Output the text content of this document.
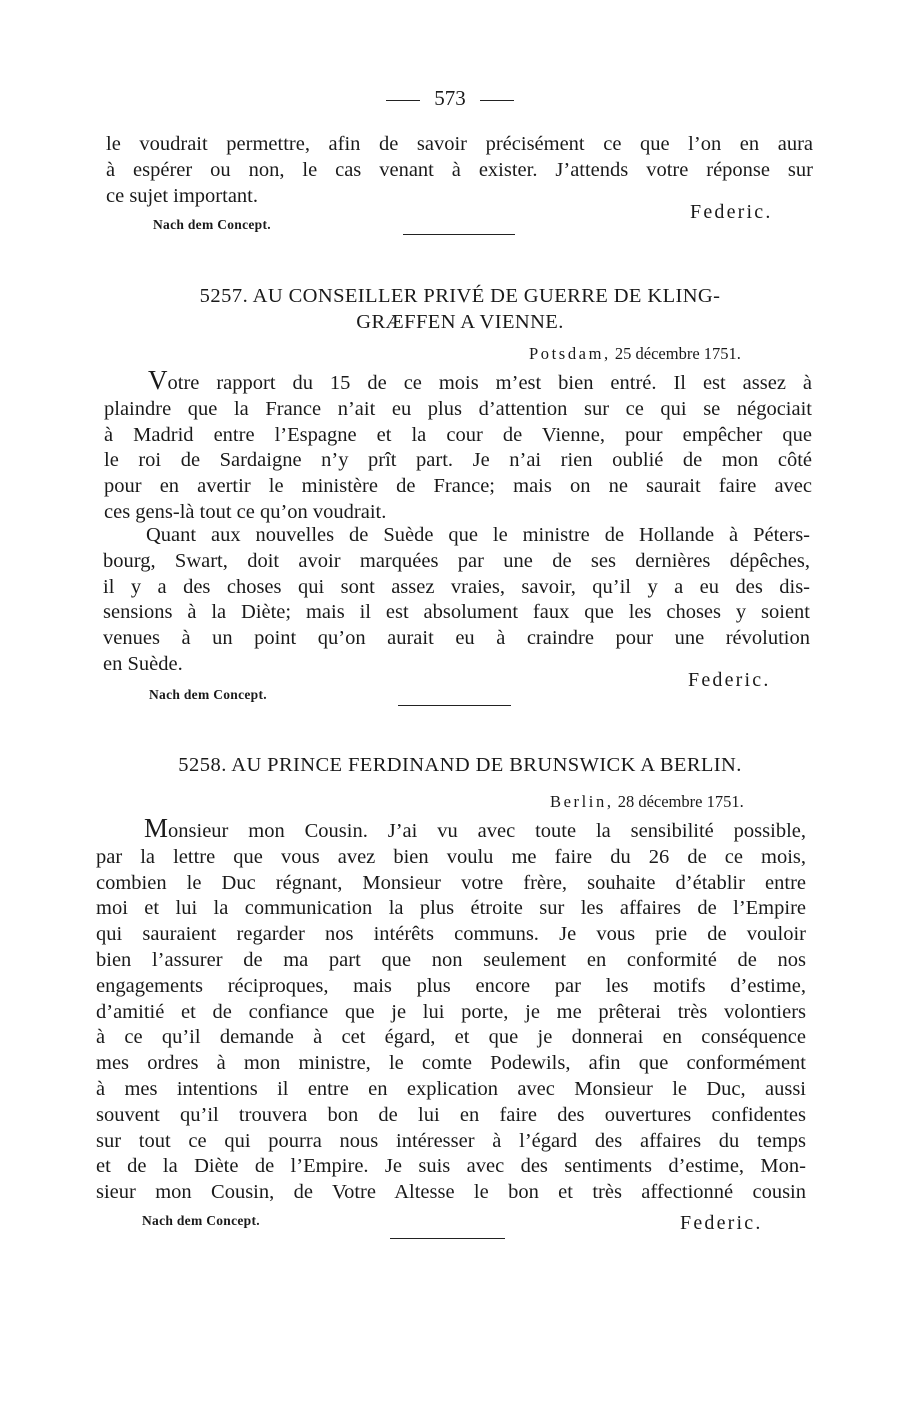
573
le voudrait permettre, afin de savoir précisément ce que l’on en aura
à espérer ou non, le cas venant à exister. J’attends votre réponse sur
ce sujet important.
Federic.
Nach dem Concept.
5257. AU CONSEILLER PRIVÉ DE GUERRE DE KLING-
GRÆFFEN A VIENNE.
Potsdam, 25 décembre 1751.
Votre rapport du 15 de ce mois m’est bien entré. Il est assez à
plaindre que la France n’ait eu plus d’attention sur ce qui se négociait
à Madrid entre l’Espagne et la cour de Vienne, pour empêcher que
le roi de Sardaigne n’y prît part. Je n’ai rien oublié de mon côté
pour en avertir le ministère de France; mais on ne saurait faire avec
ces gens-là tout ce qu’on voudrait.
Quant aux nouvelles de Suède que le ministre de Hollande à Péters-
bourg, Swart, doit avoir marquées par une de ses dernières dépêches,
il y a des choses qui sont assez vraies, savoir, qu’il y a eu des dis-
sensions à la Diète; mais il est absolument faux que les choses y soient
venues à un point qu’on aurait eu à craindre pour une révolution
en Suède.
Federic.
Nach dem Concept.
5258. AU PRINCE FERDINAND DE BRUNSWICK A BERLIN.
Berlin, 28 décembre 1751.
Monsieur mon Cousin. J’ai vu avec toute la sensibilité possible,
par la lettre que vous avez bien voulu me faire du 26 de ce mois,
combien le Duc régnant, Monsieur votre frère, souhaite d’établir entre
moi et lui la communication la plus étroite sur les affaires de l’Empire
qui sauraient regarder nos intérêts communs. Je vous prie de vouloir
bien l’assurer de ma part que non seulement en conformité de nos
engagements réciproques, mais plus encore par les motifs d’estime,
d’amitié et de confiance que je lui porte, je me prêterai très volontiers
à ce qu’il demande à cet égard, et que je donnerai en conséquence
mes ordres à mon ministre, le comte Podewils, afin que conformément
à mes intentions il entre en explication avec Monsieur le Duc, aussi
souvent qu’il trouvera bon de lui en faire des ouvertures confidentes
sur tout ce qui pourra nous intéresser à l’égard des affaires du temps
et de la Diète de l’Empire. Je suis avec des sentiments d’estime, Mon-
sieur mon Cousin, de Votre Altesse le bon et très affectionné cousin
Nach dem Concept.	Federic.
